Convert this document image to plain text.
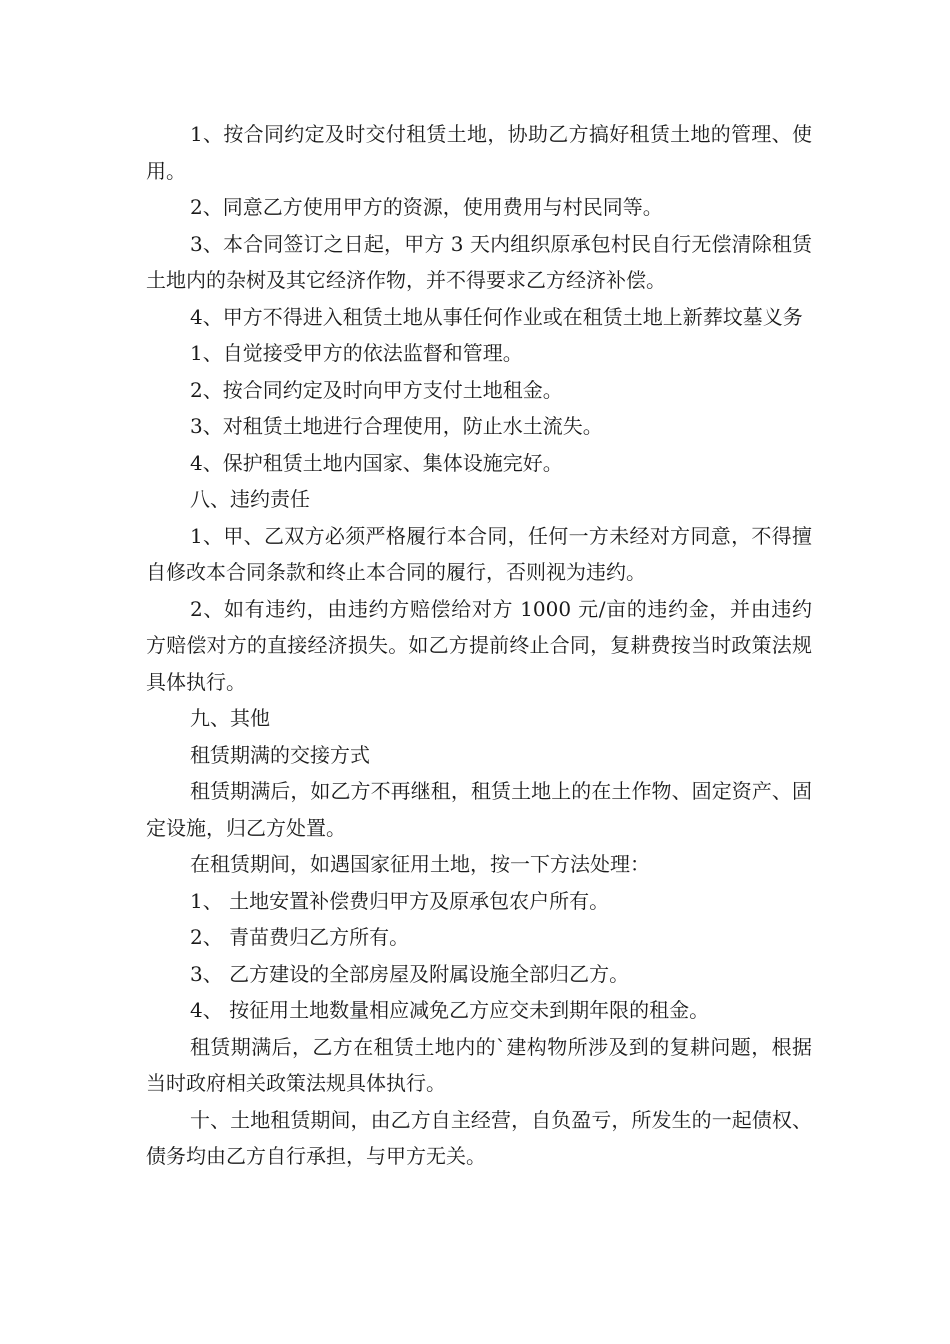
1、按合同约定及时交付租赁土地，协助乙方搞好租赁土地的管理、使用。

2、同意乙方使用甲方的资源，使用费用与村民同等。

3、本合同签订之日起，甲方 3 天内组织原承包村民自行无偿清除租赁土地内的杂树及其它经济作物，并不得要求乙方经济补偿。

4、甲方不得进入租赁土地从事任何作业或在租赁土地上新葬坟墓义务

1、自觉接受甲方的依法监督和管理。

2、按合同约定及时向甲方支付土地租金。

3、对租赁土地进行合理使用，防止水土流失。

4、保护租赁土地内国家、集体设施完好。

八、违约责任

1、甲、乙双方必须严格履行本合同，任何一方未经对方同意，不得擅自修改本合同条款和终止本合同的履行，否则视为违约。

2、如有违约，由违约方赔偿给对方 1000 元/亩的违约金，并由违约方赔偿对方的直接经济损失。如乙方提前终止合同，复耕费按当时政策法规具体执行。

九、其他

租赁期满的交接方式

租赁期满后，如乙方不再继租，租赁土地上的在土作物、固定资产、固定设施，归乙方处置。

在租赁期间，如遇国家征用土地，按一下方法处理：

1、 土地安置补偿费归甲方及原承包农户所有。

2、 青苗费归乙方所有。

3、 乙方建设的全部房屋及附属设施全部归乙方。

4、 按征用土地数量相应减免乙方应交未到期年限的租金。

租赁期满后，乙方在租赁土地内的`建构物所涉及到的复耕问题，根据当时政府相关政策法规具体执行。

十、土地租赁期间，由乙方自主经营，自负盈亏，所发生的一起债权、债务均由乙方自行承担，与甲方无关。
